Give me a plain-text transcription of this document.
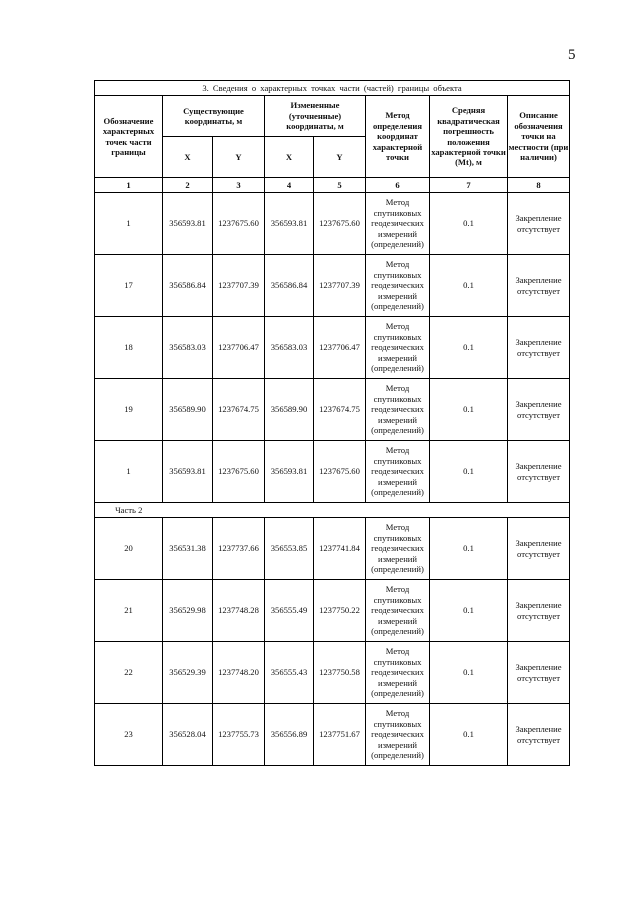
5
3. Сведения о характерных точках части (частей) границы объекта							
Обозначение характерных точек части границы	Существующие координаты, м		Измененные (уточненные) координаты, м		Метод определения координат характерной точки	Средняя квадратическая погрешность положения характерной точки (Mt), м	Описание обозначения точки на местности (при наличии)
	X	Y	X	Y			
1	2	3	4	5	6	7	8
1	356593.81	1237675.60	356593.81	1237675.60	Метод спутниковых геодезических измерений (определений)	0.1	Закрепление отсутствует
17	356586.84	1237707.39	356586.84	1237707.39	Метод спутниковых геодезических измерений (определений)	0.1	Закрепление отсутствует
18	356583.03	1237706.47	356583.03	1237706.47	Метод спутниковых геодезических измерений (определений)	0.1	Закрепление отсутствует
19	356589.90	1237674.75	356589.90	1237674.75	Метод спутниковых геодезических измерений (определений)	0.1	Закрепление отсутствует
1	356593.81	1237675.60	356593.81	1237675.60	Метод спутниковых геодезических измерений (определений)	0.1	Закрепление отсутствует
Часть 2							
20	356531.38	1237737.66	356553.85	1237741.84	Метод спутниковых геодезических измерений (определений)	0.1	Закрепление отсутствует
21	356529.98	1237748.28	356555.49	1237750.22	Метод спутниковых геодезических измерений (определений)	0.1	Закрепление отсутствует
22	356529.39	1237748.20	356555.43	1237750.58	Метод спутниковых геодезических измерений (определений)	0.1	Закрепление отсутствует
23	356528.04	1237755.73	356556.89	1237751.67	Метод спутниковых геодезических измерений (определений)	0.1	Закрепление отсутствует
